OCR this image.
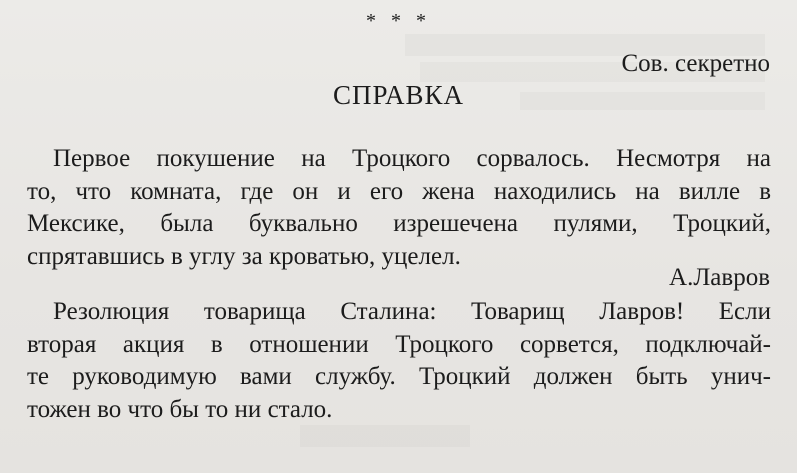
* * *
Сов. секретно
СПРАВКА
Первое покушение на Троцкого сорвалось. Несмотря на
то, что комната, где он и его жена находились на вилле в
Мексике, была буквально изрешечена пулями, Троцкий,
спрятавшись в углу за кроватью, уцелел.
А.Лавров
Резолюция товарища Сталина: Товарищ Лавров! Если
вторая акция в отношении Троцкого сорвется, подключай-
те руководимую вами службу. Троцкий должен быть унич-
тожен во что бы то ни стало.
